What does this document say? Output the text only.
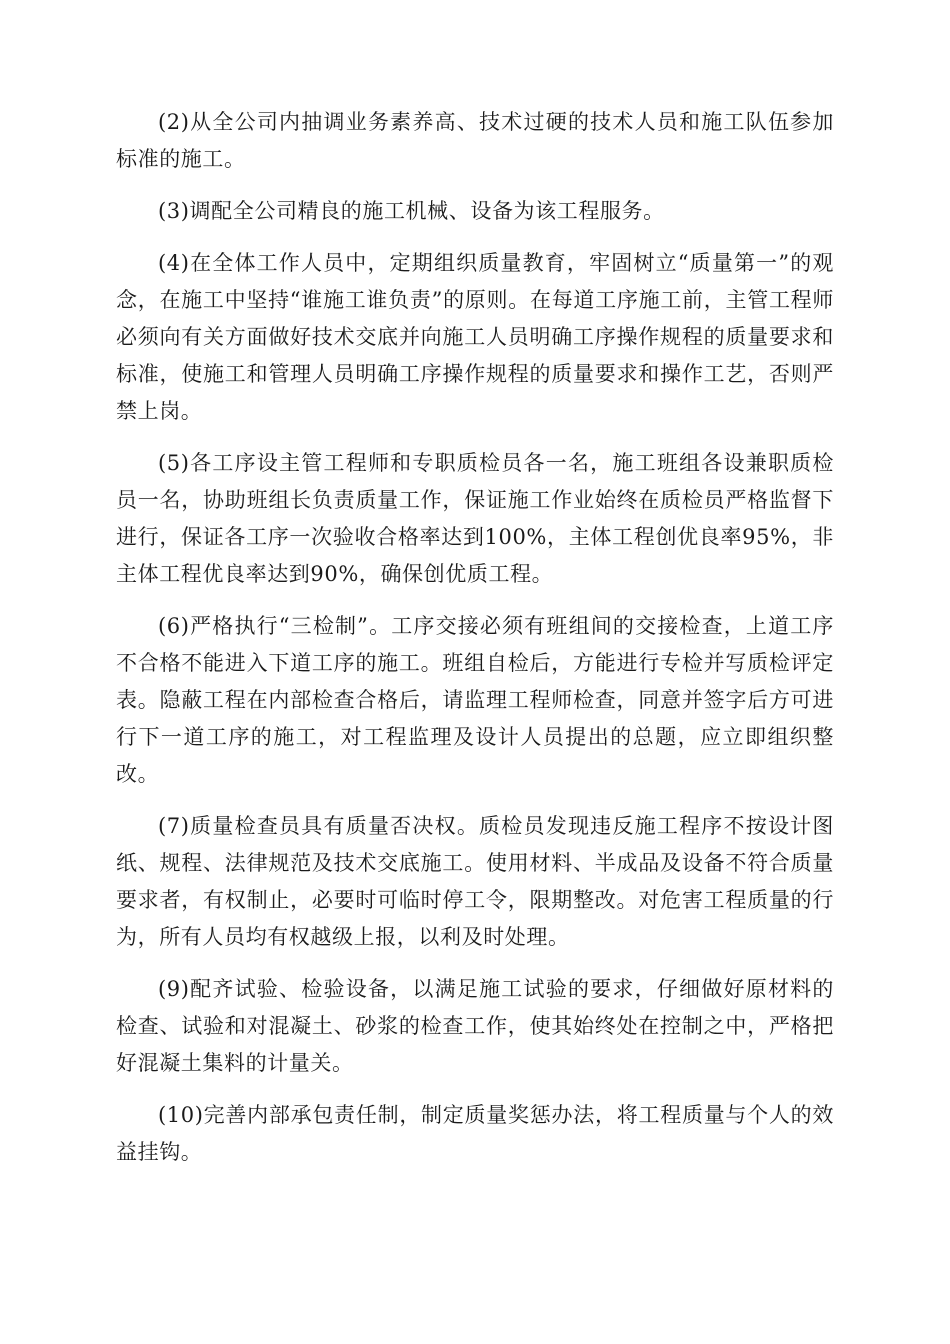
(2)从全公司内抽调业务素养高、技术过硬的技术人员和施工队伍参加标准的施工。

(3)调配全公司精良的施工机械、设备为该工程服务。

(4)在全体工作人员中，定期组织质量教育，牢固树立“质量第一”的观念，在施工中坚持“谁施工谁负责”的原则。在每道工序施工前，主管工程师必须向有关方面做好技术交底并向施工人员明确工序操作规程的质量要求和标准，使施工和管理人员明确工序操作规程的质量要求和操作工艺，否则严禁上岗。

(5)各工序设主管工程师和专职质检员各一名，施工班组各设兼职质检员一名，协助班组长负责质量工作，保证施工作业始终在质检员严格监督下进行，保证各工序一次验收合格率达到100%，主体工程创优良率95%，非主体工程优良率达到90%，确保创优质工程。

(6)严格执行“三检制”。工序交接必须有班组间的交接检查，上道工序不合格不能进入下道工序的施工。班组自检后，方能进行专检并写质检评定表。隐蔽工程在内部检查合格后，请监理工程师检查，同意并签字后方可进行下一道工序的施工，对工程监理及设计人员提出的总题，应立即组织整改。

(7)质量检查员具有质量否决权。质检员发现违反施工程序不按设计图纸、规程、法律规范及技术交底施工。使用材料、半成品及设备不符合质量要求者，有权制止，必要时可临时停工令，限期整改。对危害工程质量的行为，所有人员均有权越级上报，以利及时处理。

(9)配齐试验、检验设备，以满足施工试验的要求，仔细做好原材料的检查、试验和对混凝土、砂浆的检查工作，使其始终处在控制之中，严格把好混凝土集料的计量关。

(10)完善内部承包责任制，制定质量奖惩办法，将工程质量与个人的效益挂钩。
